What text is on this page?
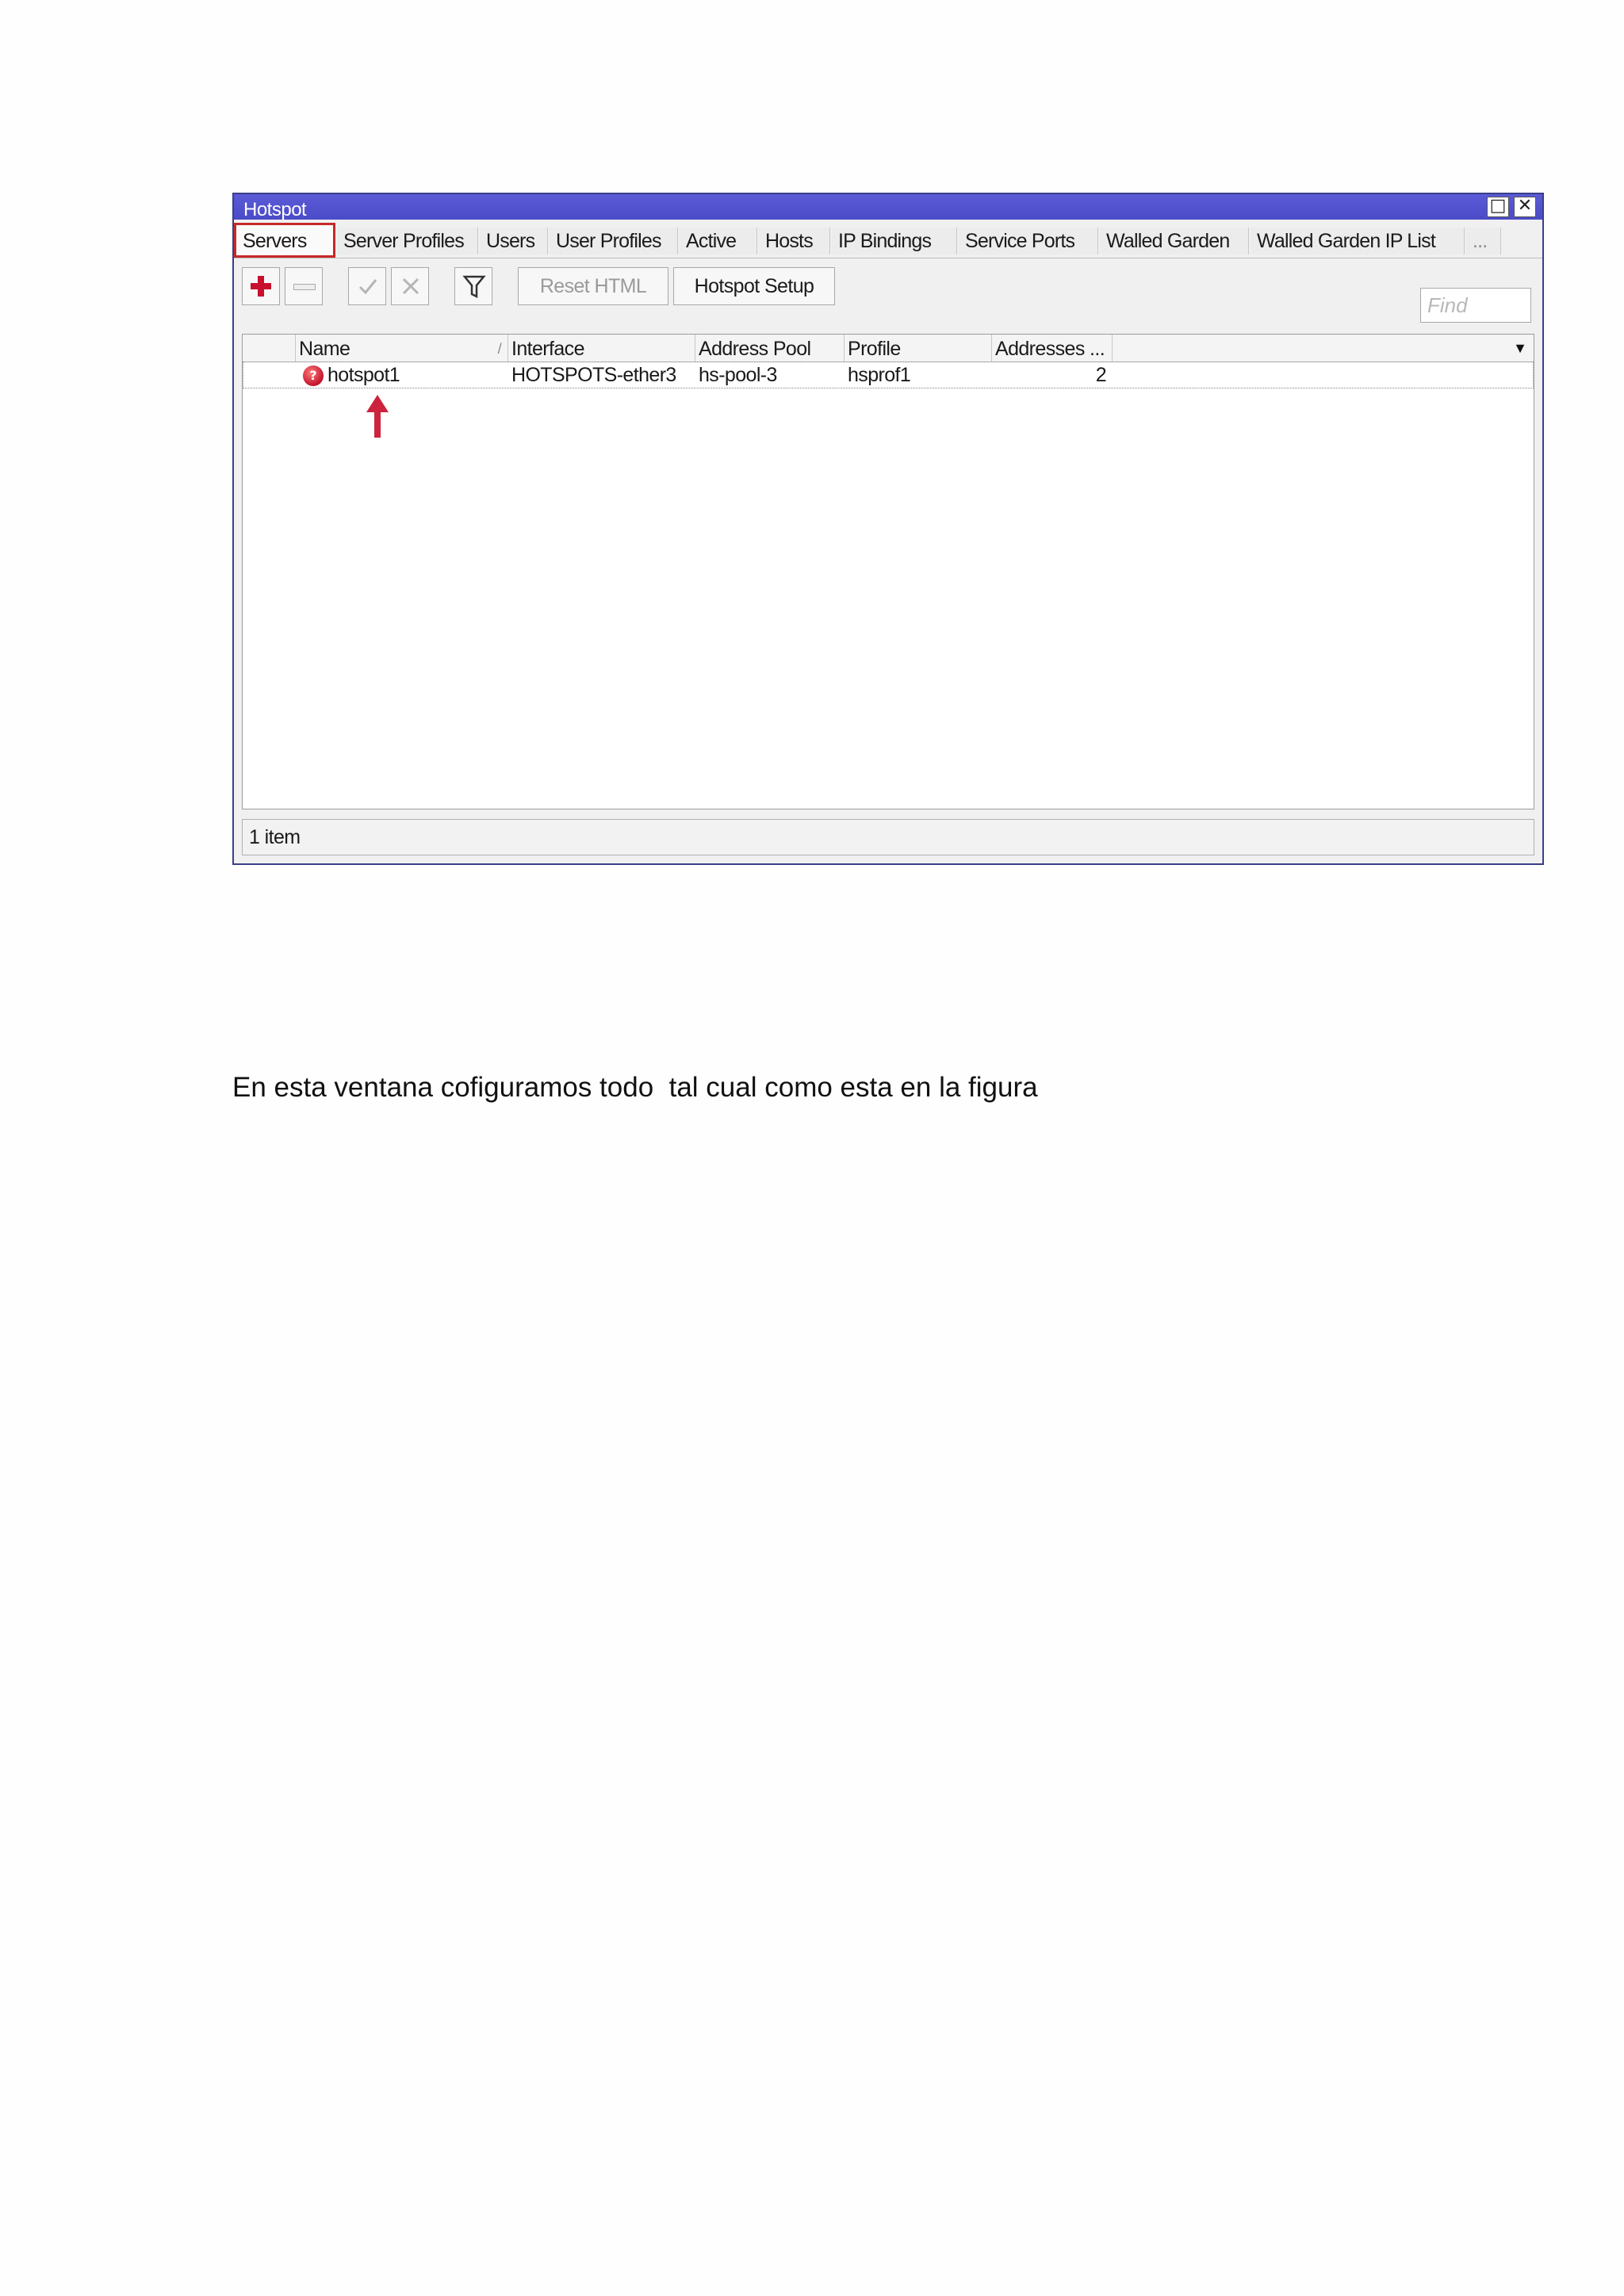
Hotspot	□ ✕
Servers	Server Profiles	Users	User Profiles	Active	Hosts	IP Bindings	Service Ports	Walled Garden	Walled Garden IP List	...
Reset HTML	Hotspot Setup
Find
Name	/ Interface	Address Pool	Profile	Addresses ...	▼
? hotspot1	HOTSPOTS-ether3	hs-pool-3	hsprof1	2
1 item
En esta ventana cofiguramos todo  tal cual como esta en la figura
